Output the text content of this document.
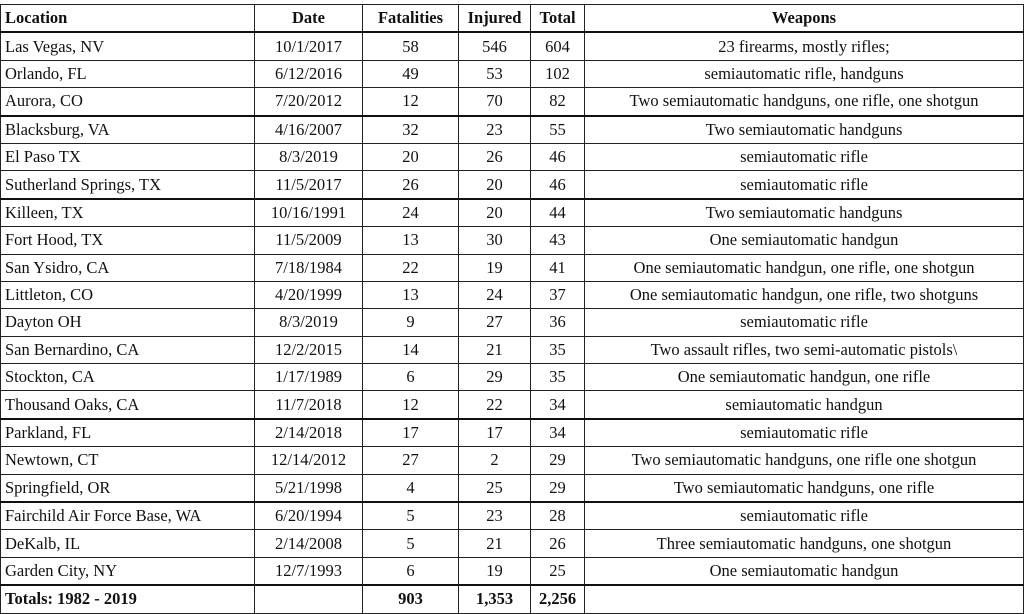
Location	Date	Fatalities	Injured	Total	Weapons
Las Vegas, NV	10/1/2017	58	546	604	23 firearms, mostly rifles;
Orlando, FL	6/12/2016	49	53	102	semiautomatic rifle, handguns
Aurora, CO	7/20/2012	12	70	82	Two semiautomatic handguns, one rifle, one shotgun
Blacksburg, VA	4/16/2007	32	23	55	Two semiautomatic handguns
El Paso TX	8/3/2019	20	26	46	semiautomatic rifle
Sutherland Springs, TX	11/5/2017	26	20	46	semiautomatic rifle
Killeen, TX	10/16/1991	24	20	44	Two semiautomatic handguns
Fort Hood, TX	11/5/2009	13	30	43	One semiautomatic handgun
San Ysidro, CA	7/18/1984	22	19	41	One semiautomatic handgun, one rifle, one shotgun
Littleton, CO	4/20/1999	13	24	37	One semiautomatic handgun, one rifle, two shotguns
Dayton OH	8/3/2019	9	27	36	semiautomatic rifle
San Bernardino, CA	12/2/2015	14	21	35	Two assault rifles, two semi-automatic pistols\
Stockton, CA	1/17/1989	6	29	35	One semiautomatic handgun, one rifle
Thousand Oaks, CA	11/7/2018	12	22	34	semiautomatic handgun
Parkland, FL	2/14/2018	17	17	34	semiautomatic rifle
Newtown, CT	12/14/2012	27	2	29	Two semiautomatic handguns, one rifle one shotgun
Springfield, OR	5/21/1998	4	25	29	Two semiautomatic handguns, one rifle
Fairchild Air Force Base, WA	6/20/1994	5	23	28	semiautomatic rifle
DeKalb, IL	2/14/2008	5	21	26	Three semiautomatic handguns, one shotgun
Garden City, NY	12/7/1993	6	19	25	One semiautomatic handgun
Totals: 1982 - 2019		903	1,353	2,256	
